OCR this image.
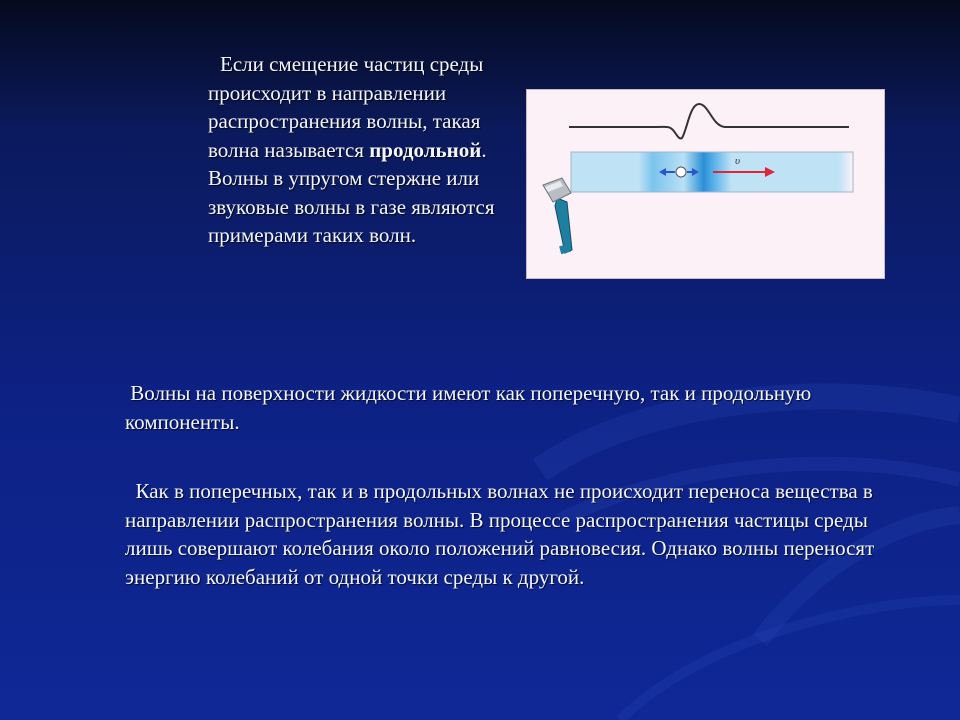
Если смещение частиц среды происходит в направлении распространения волны, такая волна называется продольной. Волны в упругом стержне или звуковые волны в газе являются примерами таких волн.
υ
Волны на поверхности жидкости имеют как поперечную, так и продольную компоненты.
Как в поперечных, так и в продольных волнах не происходит переноса вещества в направлении распространения волны. В процессе распространения частицы среды лишь совершают колебания около положений равновесия. Однако волны переносят энергию колебаний от одной точки среды к другой.
